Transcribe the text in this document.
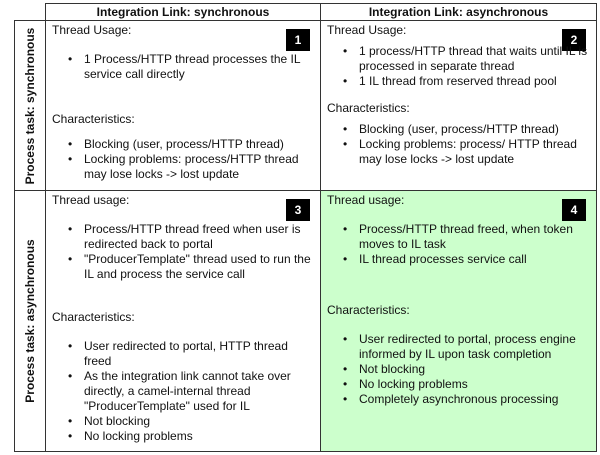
Integration Link: synchronous	Integration Link: asynchronous
Process task: synchronous
Process task: asynchronous
1

Thread Usage:

• 1 Process/HTTP thread processes the IL service call directly

Characteristics:

• Blocking (user, process/HTTP thread)
• Locking problems: process/HTTP thread may lose locks -> lost update
2

Thread Usage:

• 1 process/HTTP thread that waits until IL is processed in separate thread
• 1 IL thread from reserved thread pool

Characteristics:

• Blocking (user, process/HTTP thread)
• Locking problems: process/ HTTP thread may lose locks -> lost update
3

Thread usage:

• Process/HTTP thread freed when user is redirected back to portal
• "ProducerTemplate" thread used to run the IL and process the service call

Characteristics:

• User redirected to portal, HTTP thread freed
• As the integration link cannot take over directly, a camel-internal thread "ProducerTemplate" used for IL
• Not blocking
• No locking problems
4

Thread usage:

• Process/HTTP thread freed, when token moves to IL task
• IL thread processes service call

Characteristics:

• User redirected to portal, process engine informed by IL upon task completion
• Not blocking
• No locking problems
• Completely asynchronous processing
